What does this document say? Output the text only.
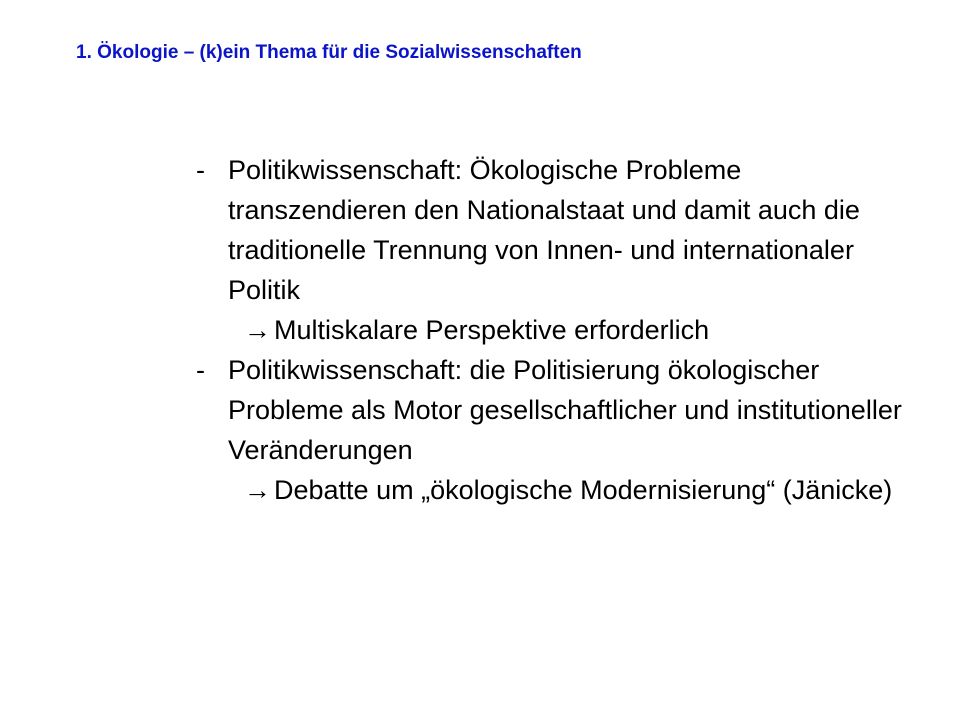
1. Ökologie – (k)ein Thema für die Sozialwissenschaften
- Politikwissenschaft: Ökologische Probleme transzendieren den Nationalstaat und damit auch die traditionelle Trennung von Innen- und internationaler Politik
→ Multiskalare Perspektive erforderlich
- Politikwissenschaft: die Politisierung ökologischer Probleme als Motor gesellschaftlicher und institutioneller Veränderungen
→ Debatte um „ökologische Modernisierung“ (Jänicke)
